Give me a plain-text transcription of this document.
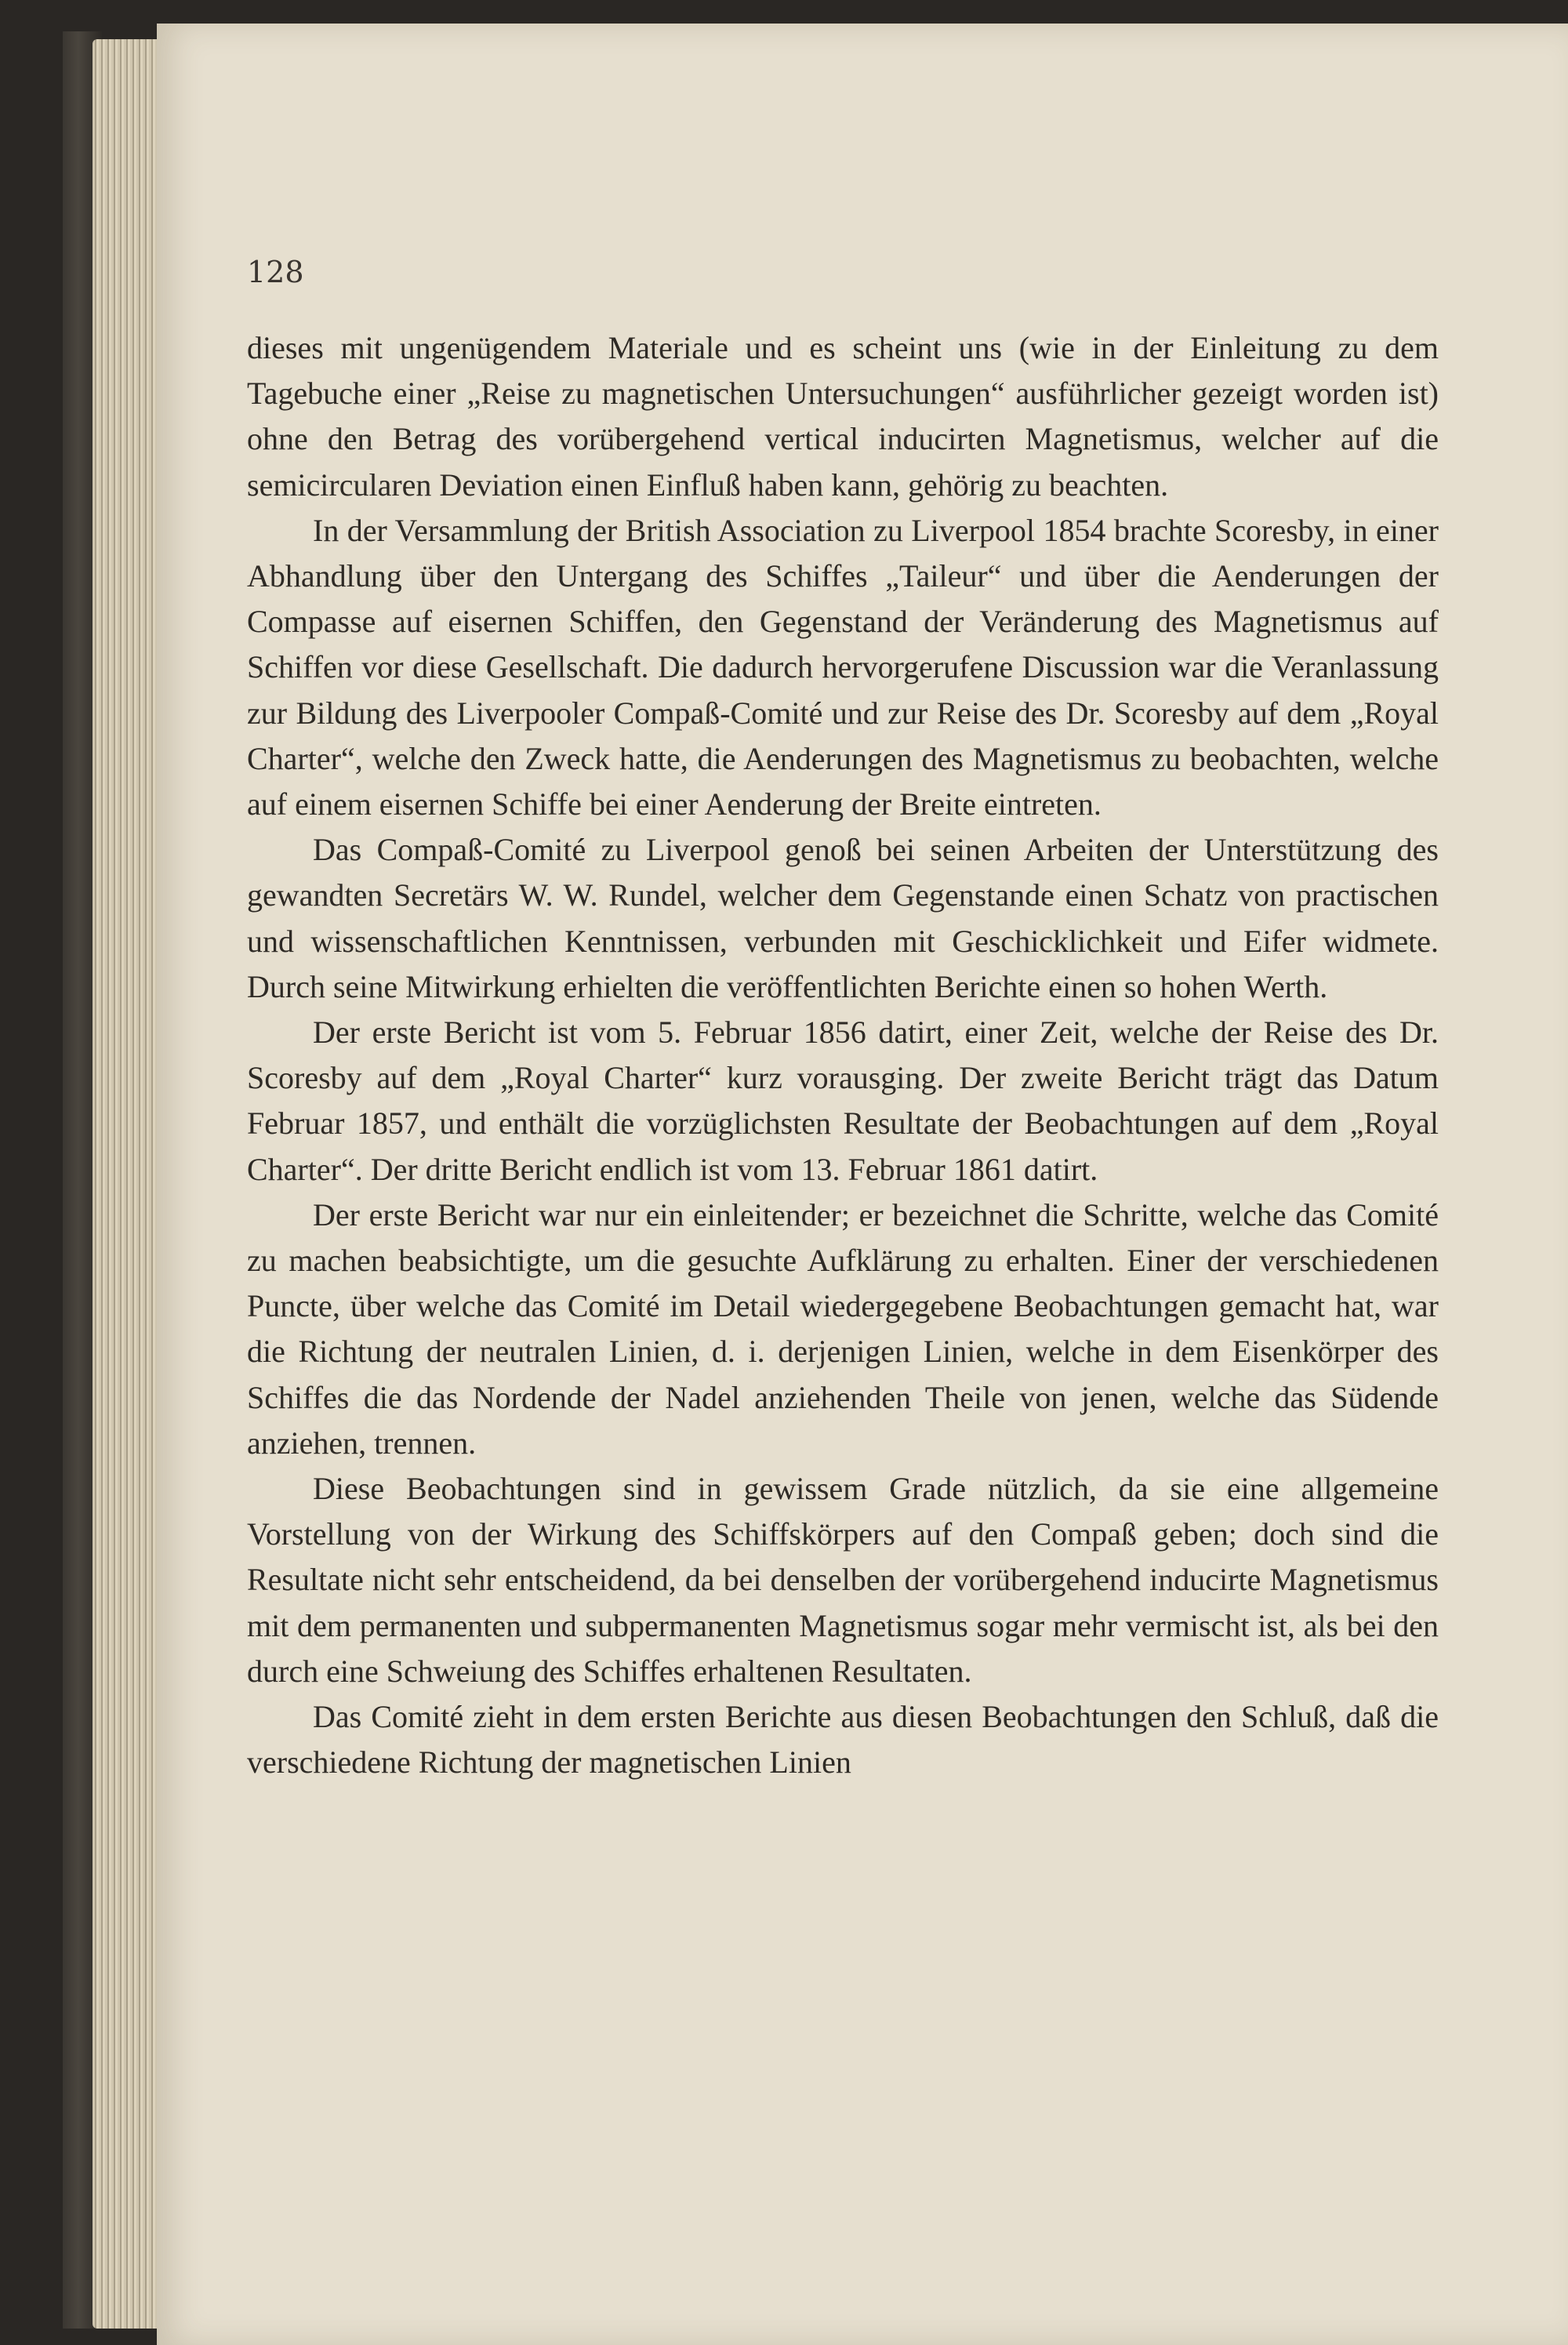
128

dieses mit ungenügendem Materiale und es scheint uns (wie in der Einleitung zu dem Tagebuche einer „Reise zu magnetischen Untersuchungen“ ausführlicher gezeigt worden ist) ohne den Betrag des vorübergehend vertical inducirten Magnetismus, welcher auf die semicircularen Deviation einen Einfluß haben kann, gehörig zu beachten.

In der Versammlung der British Association zu Liverpool 1854 brachte Scoresby, in einer Abhandlung über den Untergang des Schiffes „Taileur“ und über die Aenderungen der Compasse auf eisernen Schiffen, den Gegenstand der Veränderung des Magnetismus auf Schiffen vor diese Gesellschaft. Die dadurch hervorgerufene Discussion war die Veranlassung zur Bildung des Liverpooler Compaß-Comité und zur Reise des Dr. Scoresby auf dem „Royal Charter“, welche den Zweck hatte, die Aenderungen des Magnetismus zu beobachten, welche auf einem eisernen Schiffe bei einer Aenderung der Breite eintreten.

Das Compaß-Comité zu Liverpool genoß bei seinen Arbeiten der Unterstützung des gewandten Secretärs W. W. Rundel, welcher dem Gegenstande einen Schatz von practischen und wissenschaftlichen Kenntnissen, verbunden mit Geschicklichkeit und Eifer widmete. Durch seine Mitwirkung erhielten die veröffentlichten Berichte einen so hohen Werth.

Der erste Bericht ist vom 5. Februar 1856 datirt, einer Zeit, welche der Reise des Dr. Scoresby auf dem „Royal Charter“ kurz vorausging. Der zweite Bericht trägt das Datum Februar 1857, und enthält die vorzüglichsten Resultate der Beobachtungen auf dem „Royal Charter“. Der dritte Bericht endlich ist vom 13. Februar 1861 datirt.

Der erste Bericht war nur ein einleitender; er bezeichnet die Schritte, welche das Comité zu machen beabsichtigte, um die gesuchte Aufklärung zu erhalten. Einer der verschiedenen Puncte, über welche das Comité im Detail wiedergegebene Beobachtungen gemacht hat, war die Richtung der neutralen Linien, d. i. derjenigen Linien, welche in dem Eisenkörper des Schiffes die das Nordende der Nadel anziehenden Theile von jenen, welche das Südende anziehen, trennen.

Diese Beobachtungen sind in gewissem Grade nützlich, da sie eine allgemeine Vorstellung von der Wirkung des Schiffskörpers auf den Compaß geben; doch sind die Resultate nicht sehr entscheidend, da bei denselben der vorübergehend inducirte Magnetismus mit dem permanenten und subpermanenten Magnetismus sogar mehr vermischt ist, als bei den durch eine Schweiung des Schiffes erhaltenen Resultaten.

Das Comité zieht in dem ersten Berichte aus diesen Beobachtungen den Schluß, daß die verschiedene Richtung der magnetischen Linien
